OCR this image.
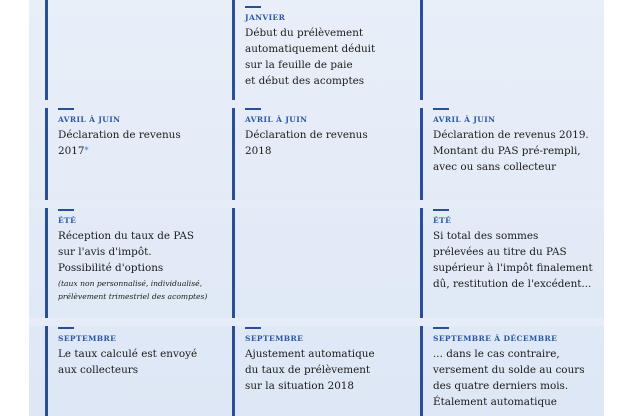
JANVIER
Début du prélèvement
automatiquement déduit
sur la feuille de paie
et début des acomptes
AVRIL À JUIN
Déclaration de revenus
2017*
AVRIL À JUIN
Déclaration de revenus
2018
AVRIL À JUIN
Déclaration de revenus 2019.
Montant du PAS pré-rempli,
avec ou sans collecteur
ÉTÉ
Réception du taux de PAS
sur l'avis d'impôt.
Possibilité d'options
(taux non personnalisé, individualisé,
prélèvement trimestriel des acomptes)
ÉTÉ
Si total des sommes
prélevées au titre du PAS
supérieur à l'impôt finalement
dû, restitution de l'excédent...
SEPTEMBRE
Le taux calculé est envoyé
aux collecteurs
SEPTEMBRE
Ajustement automatique
du taux de prélèvement
sur la situation 2018
SEPTEMBRE À DÉCEMBRE
... dans le cas contraire,
versement du solde au cours
des quatre derniers mois.
Étalement automatique
